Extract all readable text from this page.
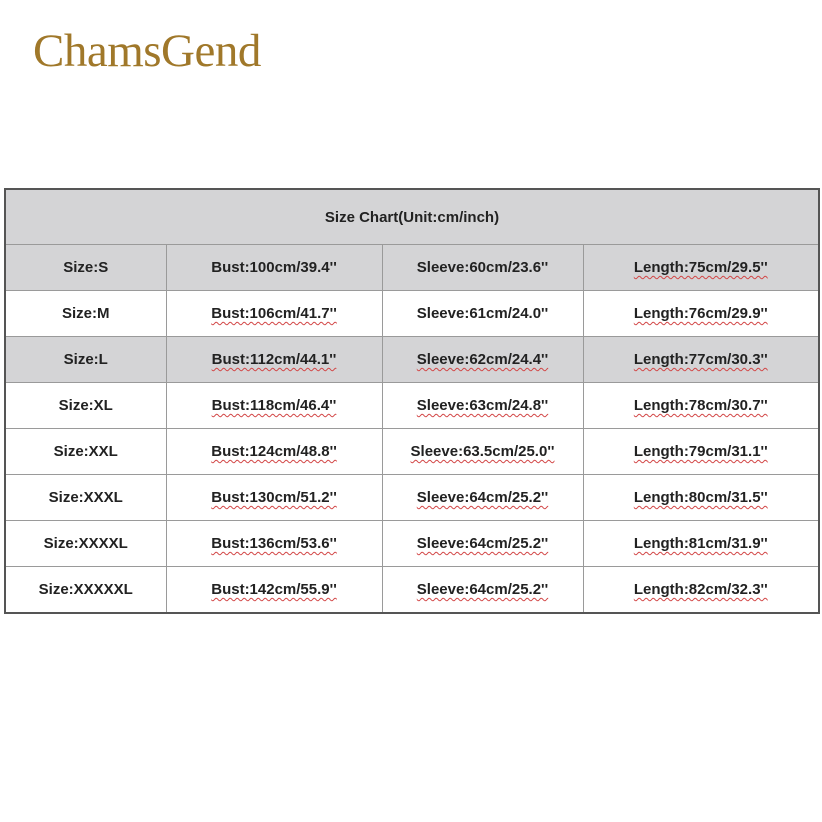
ChamsGend
Size Chart(Unit:cm/inch)			
Size:S	Bust:100cm/39.4''	Sleeve:60cm/23.6''	Length:75cm/29.5''
Size:M	Bust:106cm/41.7''	Sleeve:61cm/24.0''	Length:76cm/29.9''
Size:L	Bust:112cm/44.1''	Sleeve:62cm/24.4''	Length:77cm/30.3''
Size:XL	Bust:118cm/46.4''	Sleeve:63cm/24.8''	Length:78cm/30.7''
Size:XXL	Bust:124cm/48.8''	Sleeve:63.5cm/25.0''	Length:79cm/31.1''
Size:XXXL	Bust:130cm/51.2''	Sleeve:64cm/25.2''	Length:80cm/31.5''
Size:XXXXL	Bust:136cm/53.6''	Sleeve:64cm/25.2''	Length:81cm/31.9''
Size:XXXXXL	Bust:142cm/55.9''	Sleeve:64cm/25.2''	Length:82cm/32.3''
